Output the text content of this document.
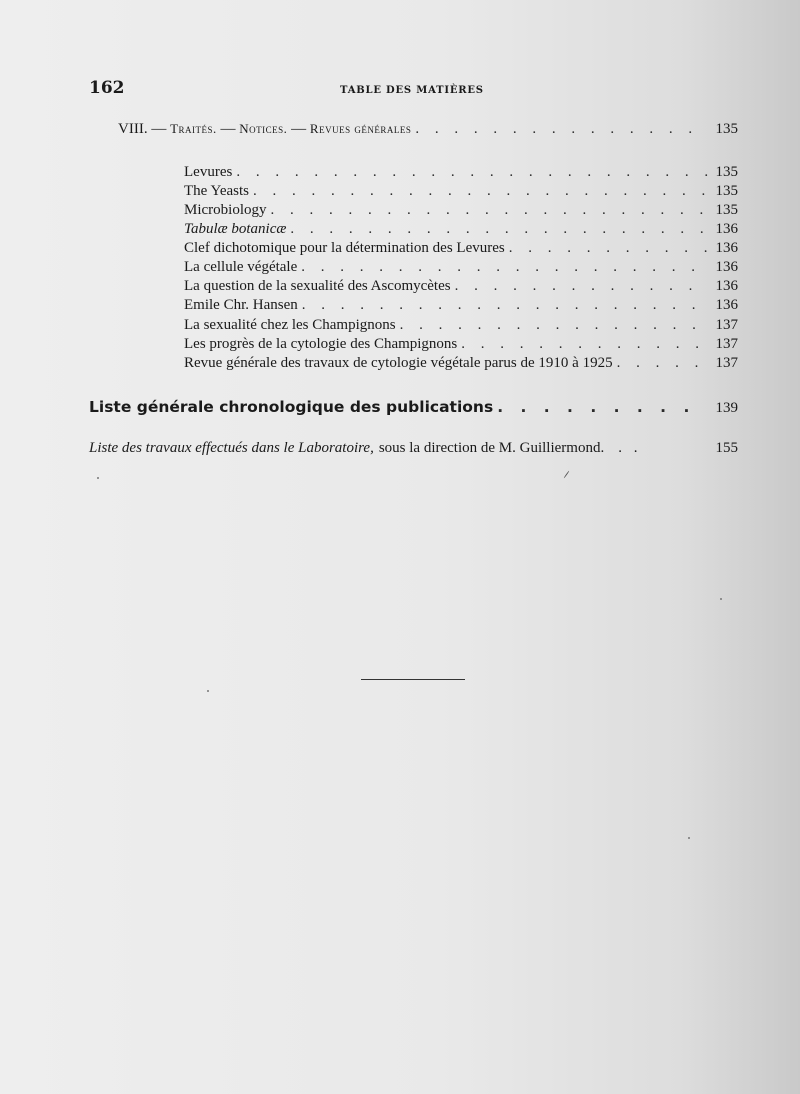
162	TABLE DES MATIÈRES
VIII. — Traités. — Notices. — Revues générales . . .	135
Levures . . .	135
The Yeasts . . .	135
Microbiology . . .	135
Tabulæ botanicæ . . .	136
Clef dichotomique pour la détermination des Levures . . .	136
La cellule végétale . . .	136
La question de la sexualité des Ascomycètes . . .	136
Emile Chr. Hansen . . .	136
La sexualité chez les Champignons . . .	137
Les progrès de la cytologie des Champignons . . .	137
Revue générale des travaux de cytologie végétale parus de 1910 à 1925 . . .	137
Liste générale chronologique des publications . . .	139
Liste des travaux effectués dans le Laboratoire, sous la direction de M. Guilliermond. . .	155
